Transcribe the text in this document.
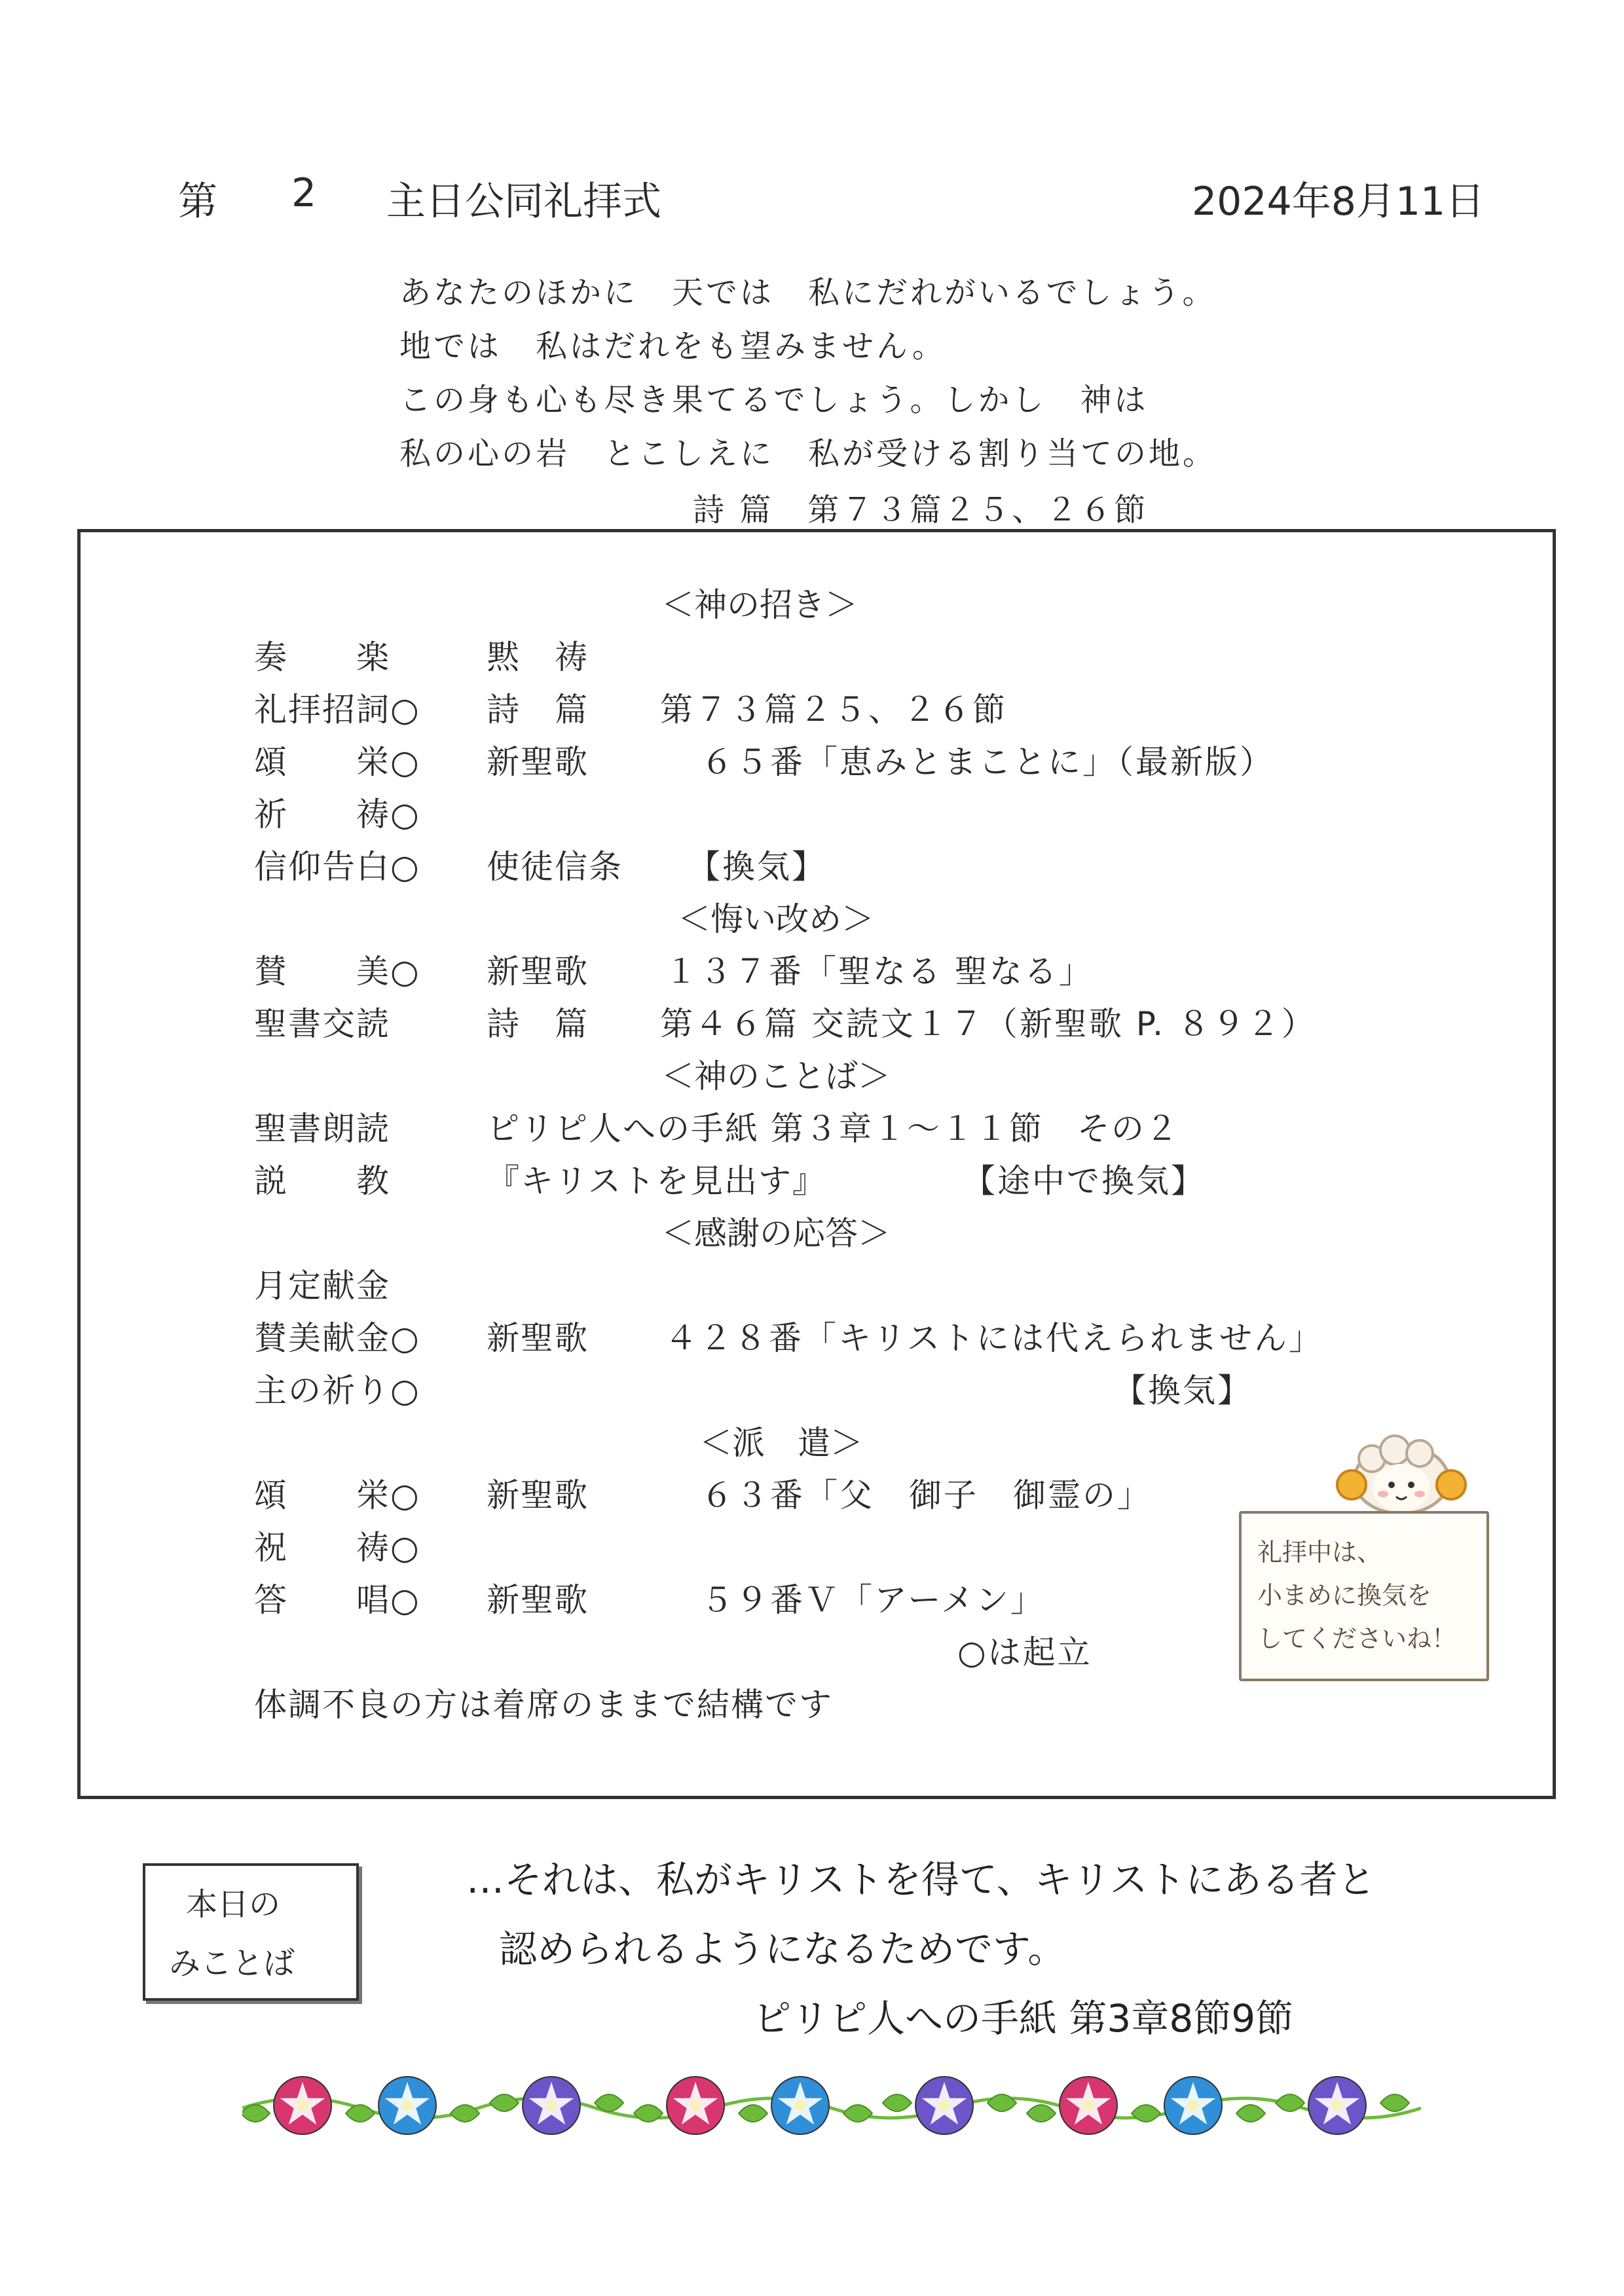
第 2 主日公同礼拝式	2024年8月11日
あなたのほかに　天では　私にだれがいるでしょう。
地では　私はだれをも望みません。
この身も心も尽き果てるでしょう。しかし　神は
私の心の岩　とこしえに　私が受ける割り当ての地。
詩 篇　第７３篇２５、２６節
＜神の招き＞
奏　　楽	黙　祷
礼拝招詞○ 詩　篇 第７３篇２５、２６節
頌　　栄○ 新聖歌	６５番「恵みとまことに」（最新版）
祈　　祷○
信仰告白○ 使徒信条 【換気】
＜悔い改め＞
賛　　美○ 新聖歌 １３７番「聖なる 聖なる」
聖書交読	詩　篇 第４６篇 交読文１７（新聖歌 P. ８９２）
＜神のことば＞
聖書朗読	ピリピ人への手紙 第３章１～１１節　その２
説　　教	『キリストを見出す』	【途中で換気】
＜感謝の応答＞
月定献金
賛美献金○ 新聖歌 ４２８番「キリストには代えられません」
主の祈り○	【換気】
＜派　遣＞
頌　　栄○ 新聖歌	６３番「父　御子　御霊の」
祝　　祷○
答　　唱○ 新聖歌	５９番Ｖ「アーメン」
○は起立
体調不良の方は着席のままで結構です
礼拝中は、
小まめに換気を
してくださいね！
本日の
みことば
…それは、私がキリストを得て、キリストにある者と
認められるようになるためです。
ピリピ人への手紙 第3章8節9節
